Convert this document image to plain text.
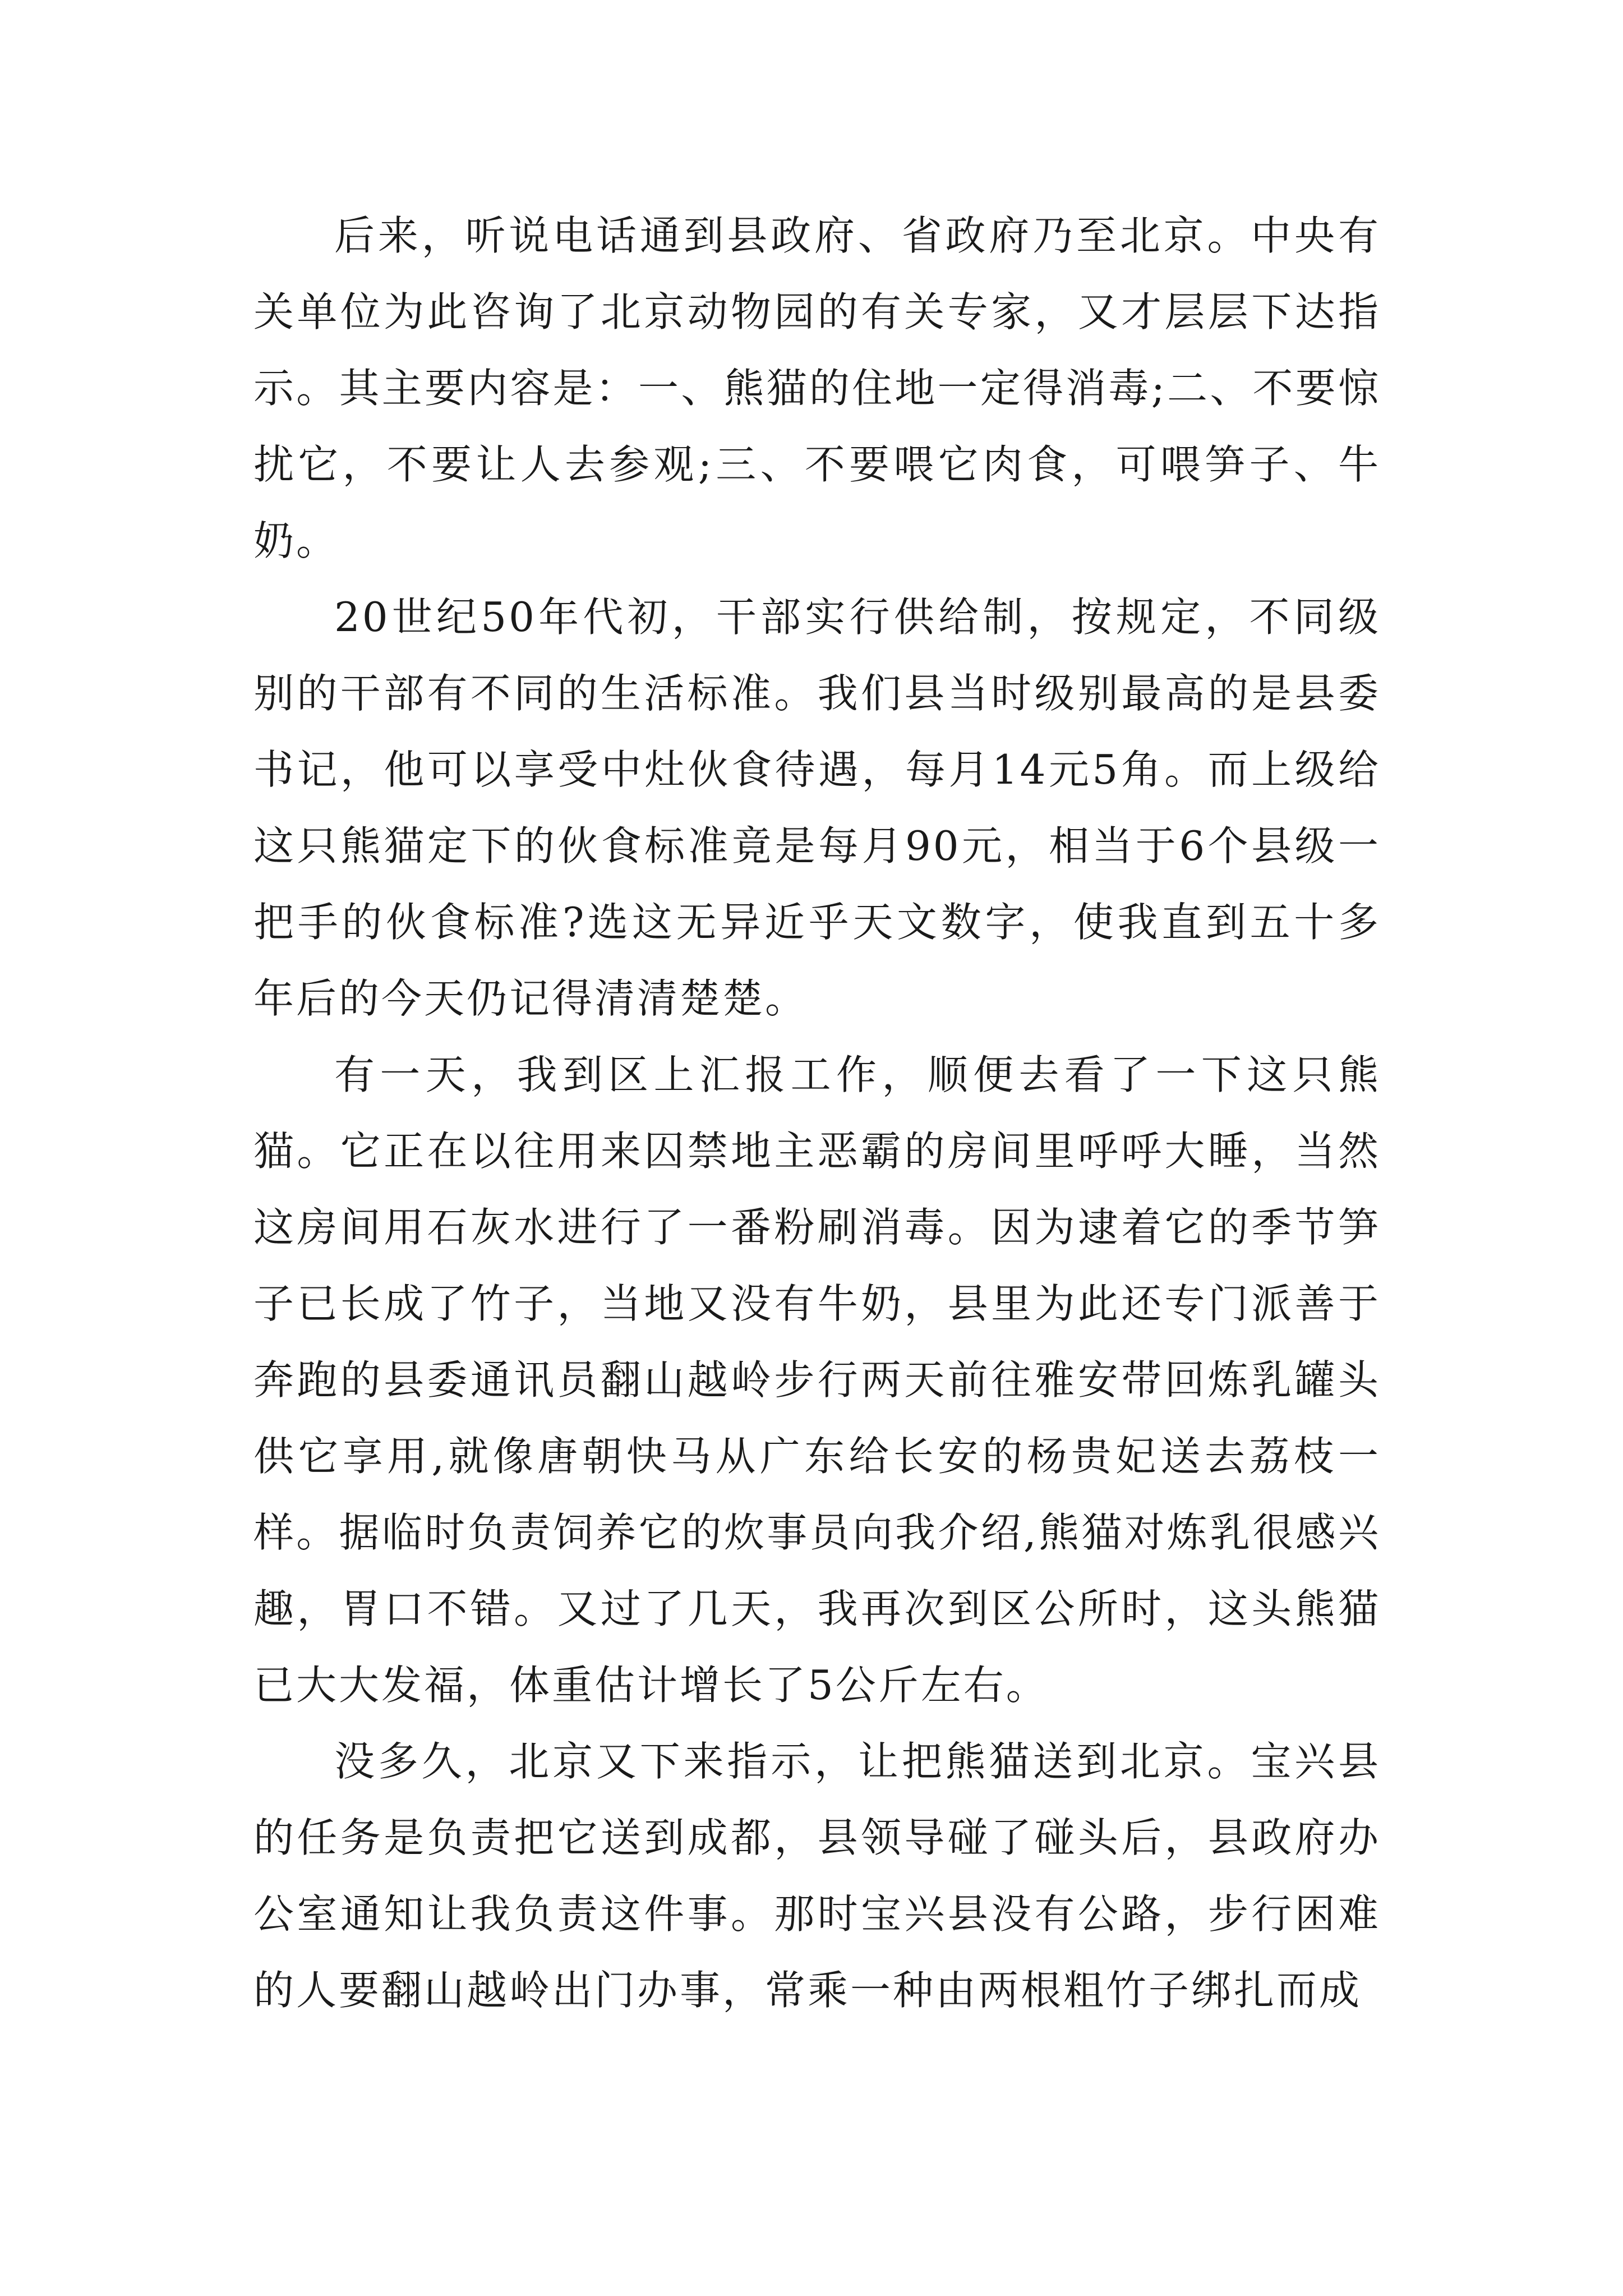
后来，听说电话通到县政府、省政府乃至北京。中央有关单位为此咨询了北京动物园的有关专家，又才层层下达指示。其主要内容是：一、熊猫的住地一定得消毒;二、不要惊扰它，不要让人去参观;三、不要喂它肉食，可喂笋子、牛奶。

20世纪50年代初，干部实行供给制，按规定，不同级别的干部有不同的生活标准。我们县当时级别最高的是县委书记，他可以享受中灶伙食待遇，每月14元5角。而上级给这只熊猫定下的伙食标准竟是每月90元，相当于6个县级一把手的伙食标准?选这无异近乎天文数字，使我直到五十多年后的今天仍记得清清楚楚。

有一天，我到区上汇报工作，顺便去看了一下这只熊猫。它正在以往用来囚禁地主恶霸的房间里呼呼大睡，当然这房间用石灰水进行了一番粉刷消毒。因为逮着它的季节笋子已长成了竹子，当地又没有牛奶，县里为此还专门派善于奔跑的县委通讯员翻山越岭步行两天前往雅安带回炼乳罐头供它享用,就像唐朝快马从广东给长安的杨贵妃送去荔枝一样。据临时负责饲养它的炊事员向我介绍,熊猫对炼乳很感兴趣，胃口不错。又过了几天，我再次到区公所时，这头熊猫已大大发福，体重估计增长了5公斤左右。

没多久，北京又下来指示，让把熊猫送到北京。宝兴县的任务是负责把它送到成都，县领导碰了碰头后，县政府办公室通知让我负责这件事。那时宝兴县没有公路，步行困难的人要翻山越岭出门办事，常乘一种由两根粗竹子绑扎而成
